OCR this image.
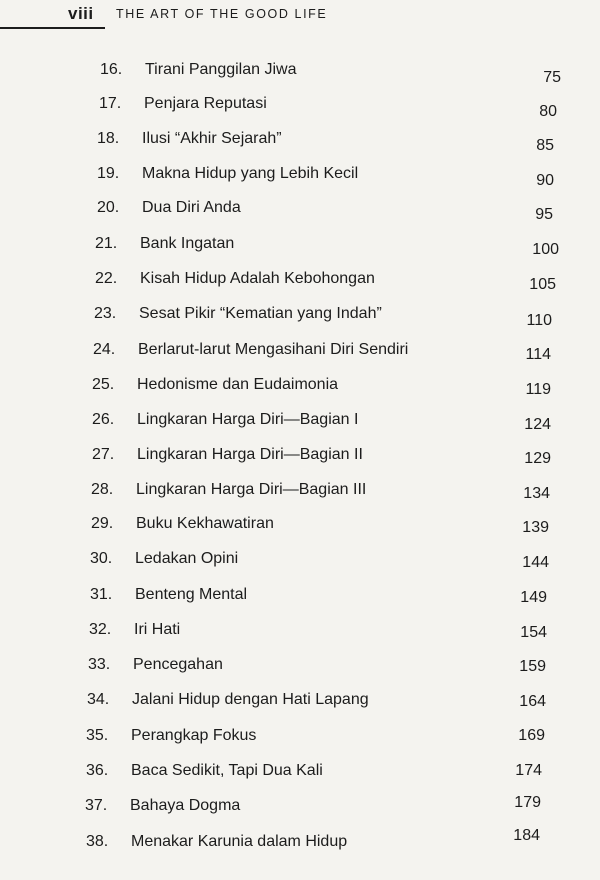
viii THE ART OF THE GOOD LIFE
16.	Tirani Panggilan Jiwa	75
17.	Penjara Reputasi	80
18.	Ilusi “Akhir Sejarah”	85
19.	Makna Hidup yang Lebih Kecil	90
20.	Dua Diri Anda	95
21.	Bank Ingatan	100
22.	Kisah Hidup Adalah Kebohongan	105
23.	Sesat Pikir “Kematian yang Indah”	110
24.	Berlarut-larut Mengasihani Diri Sendiri	114
25.	Hedonisme dan Eudaimonia	119
26.	Lingkaran Harga Diri—Bagian I	124
27.	Lingkaran Harga Diri—Bagian II	129
28.	Lingkaran Harga Diri—Bagian III	134
29.	Buku Kekhawatiran	139
30.	Ledakan Opini	144
31.	Benteng Mental	149
32.	Iri Hati	154
33.	Pencegahan	159
34.	Jalani Hidup dengan Hati Lapang	164
35.	Perangkap Fokus	169
36.	Baca Sedikit, Tapi Dua Kali	174
37.	Bahaya Dogma	179
38.	Menakar Karunia dalam Hidup	184
